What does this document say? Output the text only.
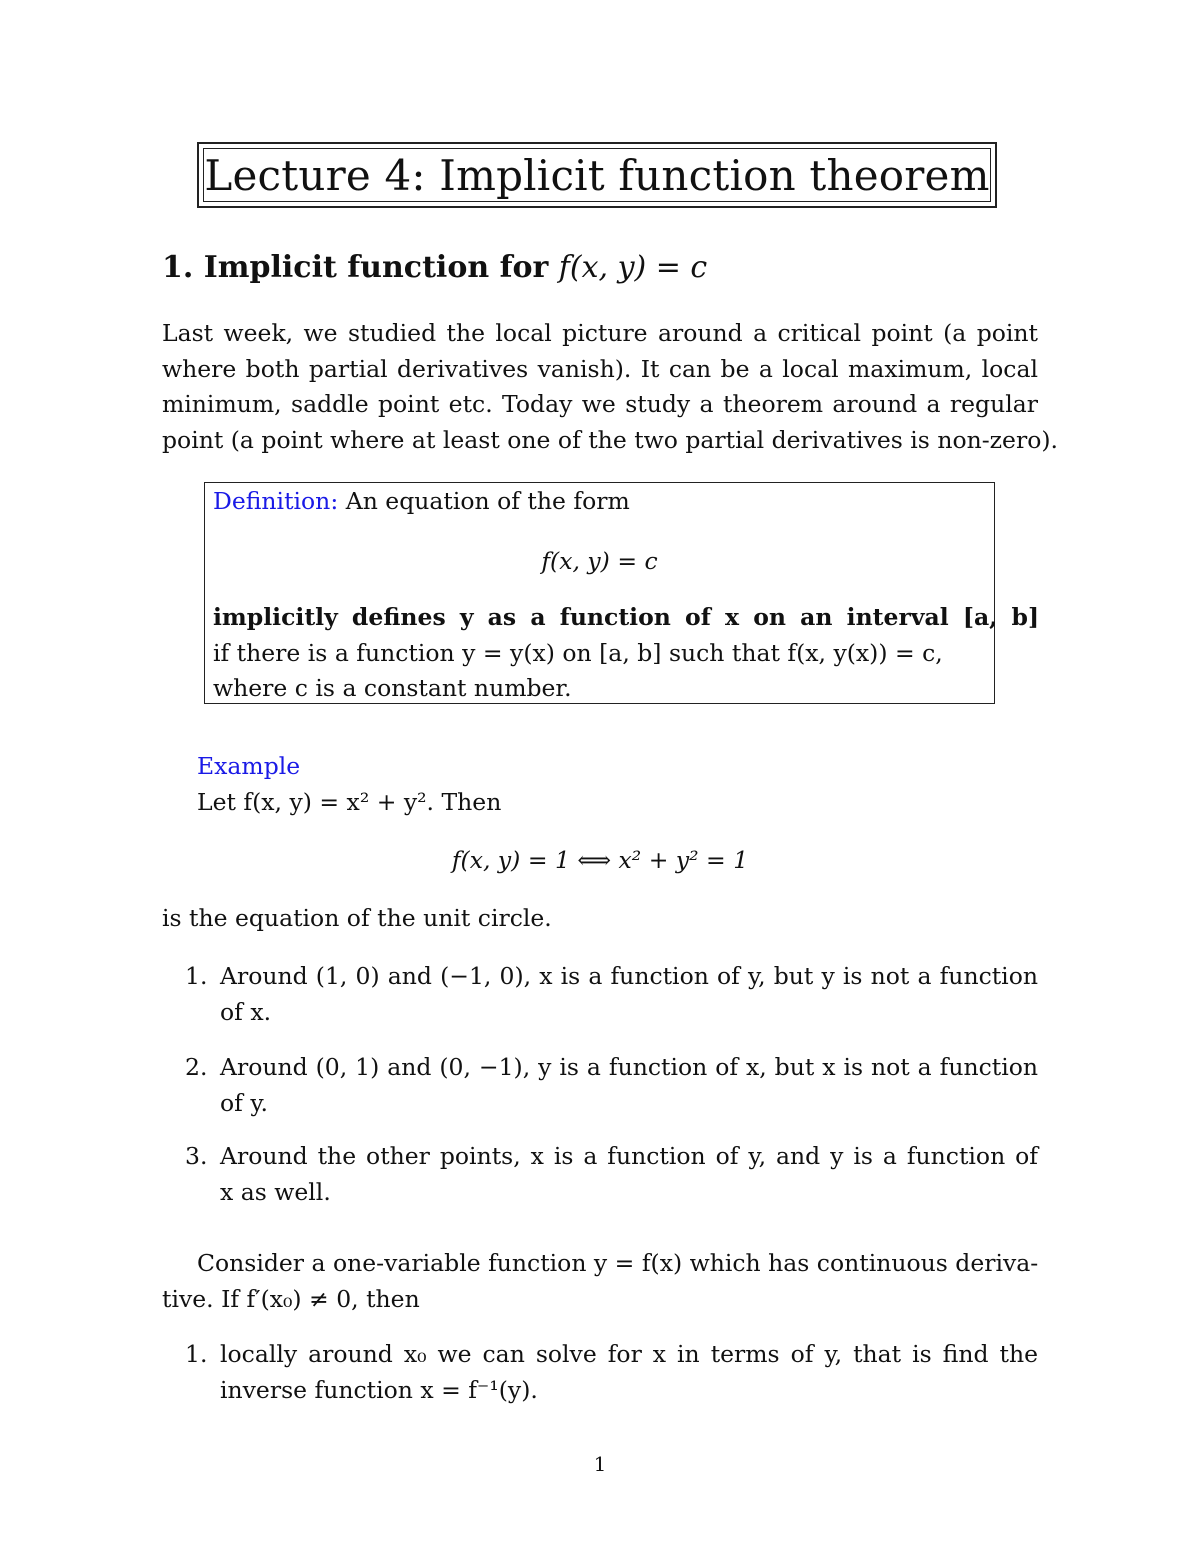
Lecture 4: Implicit function theorem
1. Implicit function for f(x, y) = c
Last week, we studied the local picture around a critical point (a point
where both partial derivatives vanish). It can be a local maximum, local
minimum, saddle point etc. Today we study a theorem around a regular
point (a point where at least one of the two partial derivatives is non-zero).
Definition: An equation of the form
f(x, y) = c
implicitly defines y as a function of x on an interval [a, b]
if there is a function y = y(x) on [a, b] such that f(x, y(x)) = c,
where c is a constant number.
Example
Let f(x, y) = x² + y². Then
f(x, y) = 1 ⟺ x² + y² = 1
is the equation of the unit circle.
1. Around (1, 0) and (−1, 0), x is a function of y, but y is not a function
of x.
2. Around (0, 1) and (0, −1), y is a function of x, but x is not a function
of y.
3. Around the other points, x is a function of y, and y is a function of
x as well.
Consider a one-variable function y = f(x) which has continuous deriva-
tive. If f′(x₀) ≠ 0, then
1. locally around x₀ we can solve for x in terms of y, that is find the
inverse function x = f⁻¹(y).
1
